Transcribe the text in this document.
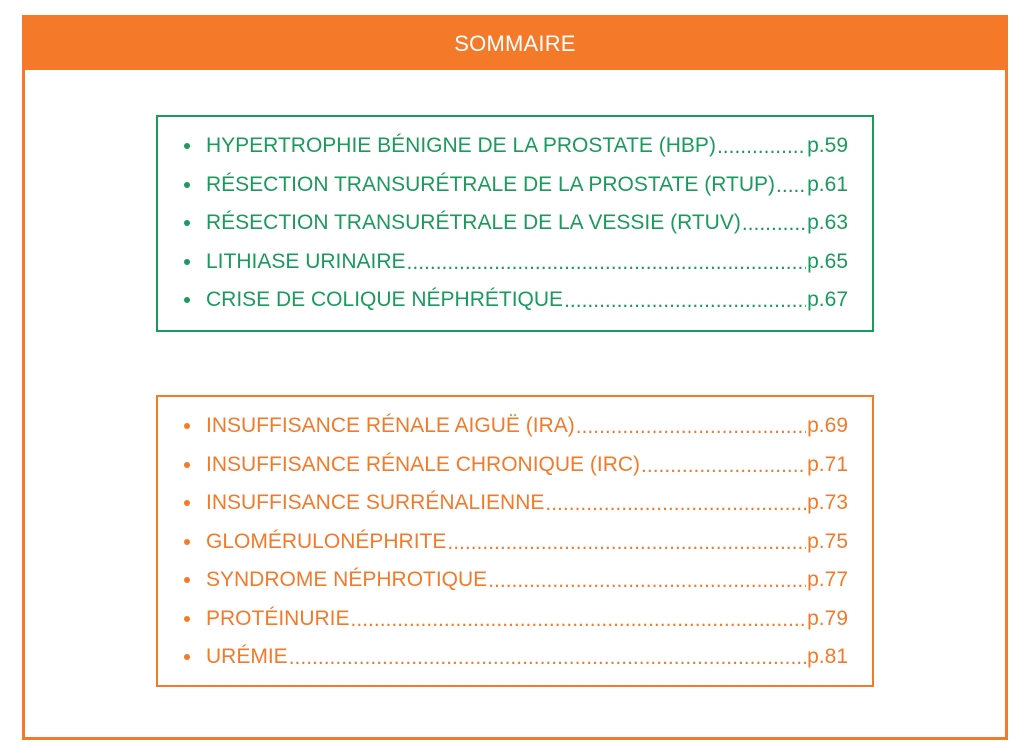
SOMMAIRE
HYPERTROPHIE BÉNIGNE DE LA PROSTATE (HBP) .....	p.59
RÉSECTION TRANSURÉTRALE DE LA PROSTATE (RTUP) ..... p.61
RÉSECTION TRANSURÉTRALE DE LA VESSIE (RTUV) .....	p.63
LITHIASE URINAIRE .....	p.65
CRISE DE COLIQUE NÉPHRÉTIQUE .....	p.67
INSUFFISANCE RÉNALE AIGUË (IRA) .....	p.69
INSUFFISANCE RÉNALE CHRONIQUE (IRC) .....	p.71
INSUFFISANCE SURRÉNALIENNE .....	p.73
GLOMÉRULONÉPHRITE .....	p.75
SYNDROME NÉPHROTIQUE .....	p.77
PROTÉINURIE .....	p.79
URÉMIE .....	p.81
